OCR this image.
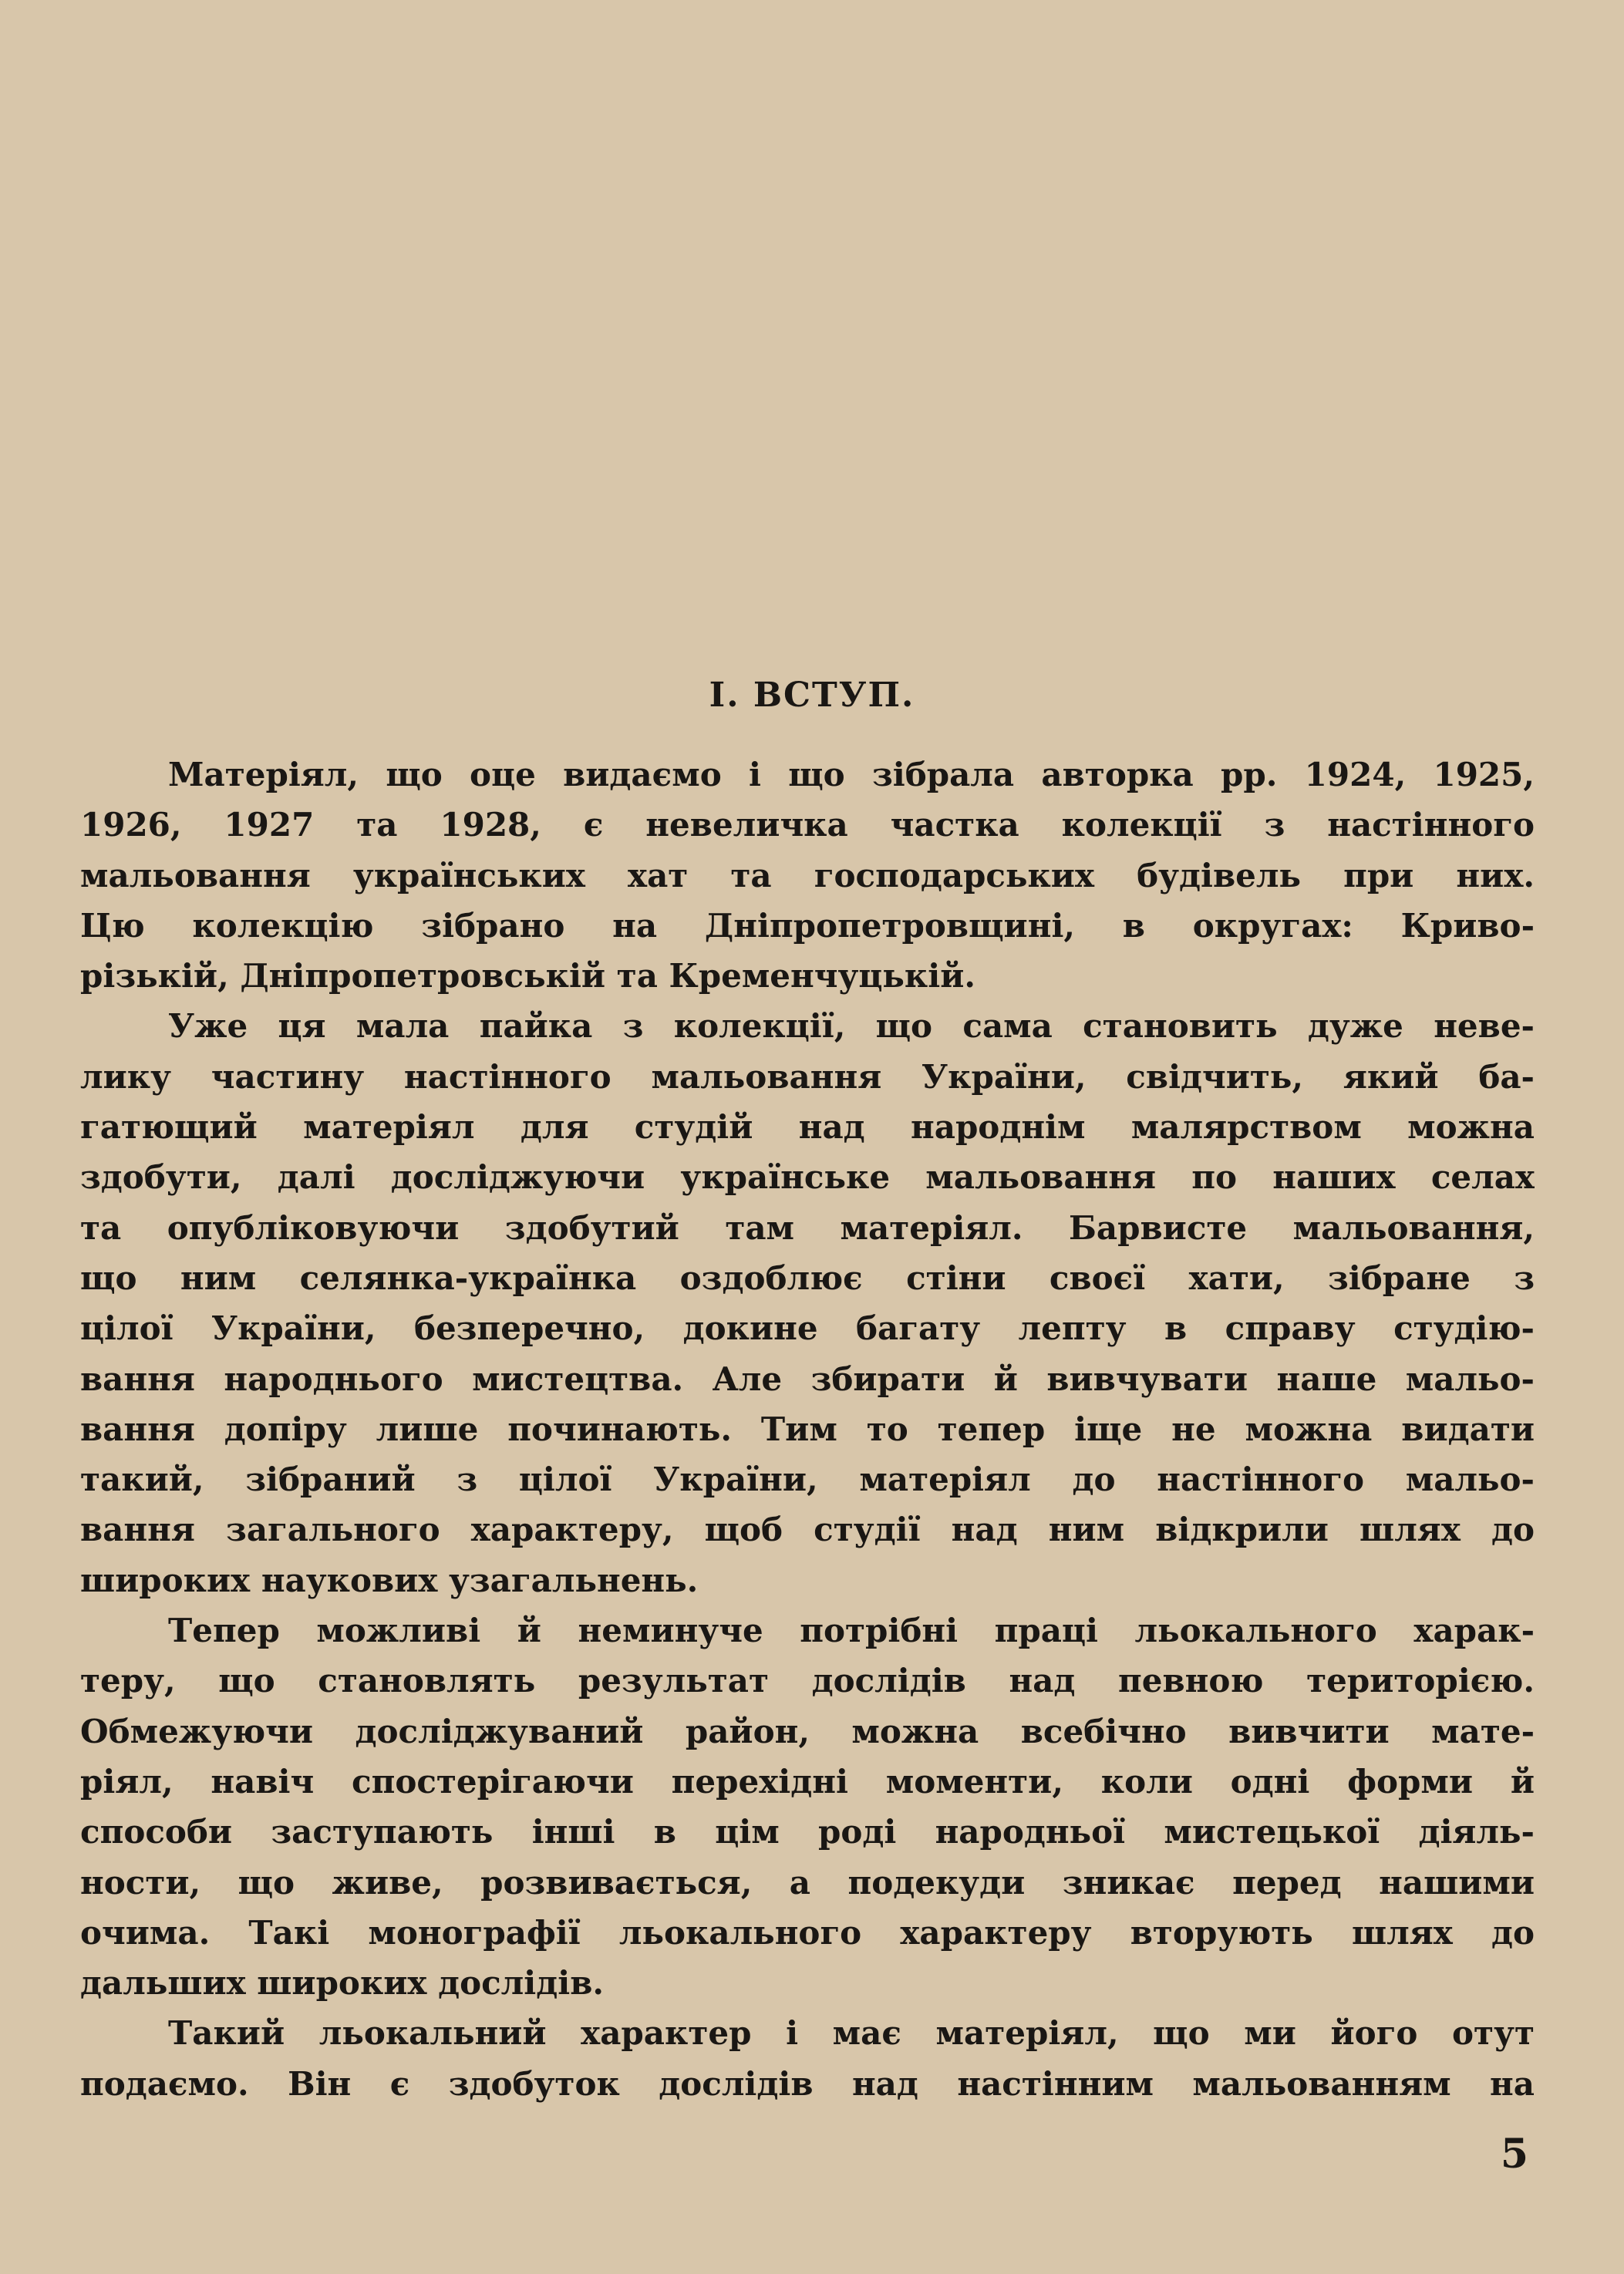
I. ВСТУП.
Матеріял, що оце видаємо і що зібрала авторка рр. 1924, 1925,
1926, 1927 та 1928, є невеличка частка колекції з настінного
мальовання українських хат та господарських будівель при них.
Цю колекцію зібрано на Дніпропетровщині, в округах: Криво-
різькій, Дніпропетровській та Кременчуцькій.
Уже ця мала пайка з колекції, що сама становить дуже неве-
лику частину настінного мальовання України, свідчить, який ба-
гатющий матеріял для студій над народнім малярством можна
здобути, далі досліджуючи українське мальовання по наших селах
та опубліковуючи здобутий там матеріял. Барвисте мальовання,
що ним селянка-українка оздоблює стіни своєї хати, зібране з
цілої України, безперечно, докине багату лепту в справу студію-
вання народнього мистецтва. Але збирати й вивчувати наше мальо-
вання допіру лише починають. Тим то тепер іще не можна видати
такий, зібраний з цілої України, матеріял до настінного мальо-
вання загального характеру, щоб студії над ним відкрили шлях до
широких наукових узагальнень.
Тепер можливі й неминуче потрібні праці льокального харак-
теру, що становлять результат дослідів над певною територією.
Обмежуючи досліджуваний район, можна всебічно вивчити мате-
ріял, навіч спостерігаючи перехідні моменти, коли одні форми й
способи заступають інші в цім роді народньої мистецької діяль-
ности, що живе, розвивається, а подекуди зникає перед нашими
очима. Такі монографії льокального характеру вторують шлях до
дальших широких дослідів.
Такий льокальний характер і має матеріял, що ми його отут
подаємо. Він є здобуток дослідів над настінним мальованням на
5
